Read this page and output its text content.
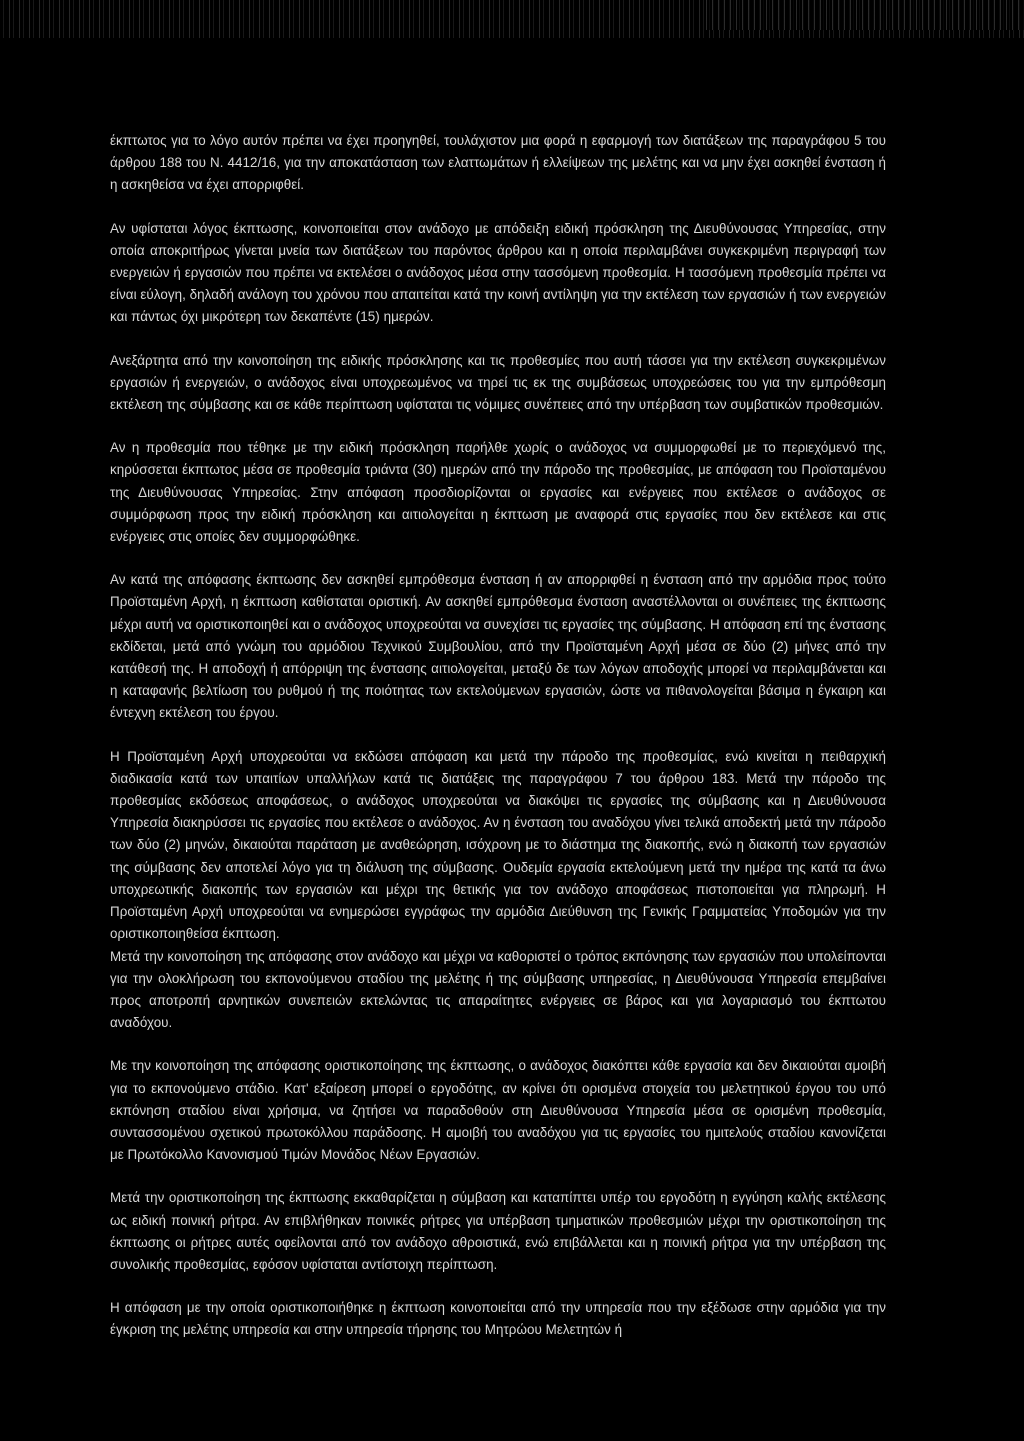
έκπτωτος για το λόγο αυτόν πρέπει να έχει προηγηθεί, τουλάχιστον μια φορά η εφαρμογή των διατάξεων της παραγράφου 5 του άρθρου 188 του Ν. 4412/16, για την αποκατάσταση των ελαττωμάτων ή ελλείψεων της μελέτης και να μην έχει ασκηθεί ένσταση ή η ασκηθείσα να έχει απορριφθεί.

Αν υφίσταται λόγος έκπτωσης, κοινοποιείται στον ανάδοχο με απόδειξη ειδική πρόσκληση της Διευθύνουσας Υπηρεσίας, στην οποία αποκριτήρως γίνεται μνεία των διατάξεων του παρόντος άρθρου και η οποία περιλαμβάνει συγκεκριμένη περιγραφή των ενεργειών ή εργασιών που πρέπει να εκτελέσει ο ανάδοχος μέσα στην τασσόμενη προθεσμία. Η τασσόμενη προθεσμία πρέπει να είναι εύλογη, δηλαδή ανάλογη του χρόνου που απαιτείται κατά την κοινή αντίληψη για την εκτέλεση των εργασιών ή των ενεργειών και πάντως όχι μικρότερη των δεκαπέντε (15) ημερών.

Ανεξάρτητα από την κοινοποίηση της ειδικής πρόσκλησης και τις προθεσμίες που αυτή τάσσει για την εκτέλεση συγκεκριμένων εργασιών ή ενεργειών, ο ανάδοχος είναι υποχρεωμένος να τηρεί τις εκ της συμβάσεως υποχρεώσεις του για την εμπρόθεσμη εκτέλεση της σύμβασης και σε κάθε περίπτωση υφίσταται τις νόμιμες συνέπειες από την υπέρβαση των συμβατικών προθεσμιών.

Αν η προθεσμία που τέθηκε με την ειδική πρόσκληση παρήλθε χωρίς ο ανάδοχος να συμμορφωθεί με το περιεχόμενό της, κηρύσσεται έκπτωτος μέσα σε προθεσμία τριάντα (30) ημερών από την πάροδο της προθεσμίας, με απόφαση του Προϊσταμένου της Διευθύνουσας Υπηρεσίας. Στην απόφαση προσδιορίζονται οι εργασίες και ενέργειες που εκτέλεσε ο ανάδοχος σε συμμόρφωση προς την ειδική πρόσκληση και αιτιολογείται η έκπτωση με αναφορά στις εργασίες που δεν εκτέλεσε και στις ενέργειες στις οποίες δεν συμμορφώθηκε.

Αν κατά της απόφασης έκπτωσης δεν ασκηθεί εμπρόθεσμα ένσταση ή αν απορριφθεί η ένσταση από την αρμόδια προς τούτο Προϊσταμένη Αρχή, η έκπτωση καθίσταται οριστική. Αν ασκηθεί εμπρόθεσμα ένσταση αναστέλλονται οι συνέπειες της έκπτωσης μέχρι αυτή να οριστικοποιηθεί και ο ανάδοχος υποχρεούται να συνεχίσει τις εργασίες της σύμβασης. Η απόφαση επί της ένστασης εκδίδεται, μετά από γνώμη του αρμόδιου Τεχνικού Συμβουλίου, από την Προϊσταμένη Αρχή μέσα σε δύο (2) μήνες από την κατάθεσή της. Η αποδοχή ή απόρριψη της ένστασης αιτιολογείται, μεταξύ δε των λόγων αποδοχής μπορεί να περιλαμβάνεται και η καταφανής βελτίωση του ρυθμού ή της ποιότητας των εκτελούμενων εργασιών, ώστε να πιθανολογείται βάσιμα η έγκαιρη και έντεχνη εκτέλεση του έργου.

Η Προϊσταμένη Αρχή υποχρεούται να εκδώσει απόφαση και μετά την πάροδο της προθεσμίας, ενώ κινείται η πειθαρχική διαδικασία κατά των υπαιτίων υπαλλήλων κατά τις διατάξεις της παραγράφου 7 του άρθρου 183. Μετά την πάροδο της προθεσμίας εκδόσεως αποφάσεως, ο ανάδοχος υποχρεούται να διακόψει τις εργασίες της σύμβασης και η Διευθύνουσα Υπηρεσία διακηρύσσει τις εργασίες που εκτέλεσε ο ανάδοχος. Αν η ένσταση του αναδόχου γίνει τελικά αποδεκτή μετά την πάροδο των δύο (2) μηνών, δικαιούται παράταση με αναθεώρηση, ισόχρονη με το διάστημα της διακοπής, ενώ η διακοπή των εργασιών της σύμβασης δεν αποτελεί λόγο για τη διάλυση της σύμβασης. Ουδεμία εργασία εκτελούμενη μετά την ημέρα της κατά τα άνω υποχρεωτικής διακοπής των εργασιών και μέχρι της θετικής για τον ανάδοχο αποφάσεως πιστοποιείται για πληρωμή. Η Προϊσταμένη Αρχή υποχρεούται να ενημερώσει εγγράφως την αρμόδια Διεύθυνση της Γενικής Γραμματείας Υποδομών για την οριστικοποιηθείσα έκπτωση.

Μετά την κοινοποίηση της απόφασης στον ανάδοχο και μέχρι να καθοριστεί ο τρόπος εκπόνησης των εργασιών που υπολείπονται για την ολοκλήρωση του εκπονούμενου σταδίου της μελέτης ή της σύμβασης υπηρεσίας, η Διευθύνουσα Υπηρεσία επεμβαίνει προς αποτροπή αρνητικών συνεπειών εκτελώντας τις απαραίτητες ενέργειες σε βάρος και για λογαριασμό του έκπτωτου αναδόχου.

Με την κοινοποίηση της απόφασης οριστικοποίησης της έκπτωσης, ο ανάδοχος διακόπτει κάθε εργασία και δεν δικαιούται αμοιβή για το εκπονούμενο στάδιο. Κατ' εξαίρεση μπορεί ο εργοδότης, αν κρίνει ότι ορισμένα στοιχεία του μελετητικού έργου του υπό εκπόνηση σταδίου είναι χρήσιμα, να ζητήσει να παραδοθούν στη Διευθύνουσα Υπηρεσία μέσα σε ορισμένη προθεσμία, συντασσομένου σχετικού πρωτοκόλλου παράδοσης. Η αμοιβή του αναδόχου για τις εργασίες του ημιτελούς σταδίου κανονίζεται με Πρωτόκολλο Κανονισμού Τιμών Μονάδος Νέων Εργασιών.

Μετά την οριστικοποίηση της έκπτωσης εκκαθαρίζεται η σύμβαση και καταπίπτει υπέρ του εργοδότη η εγγύηση καλής εκτέλεσης ως ειδική ποινική ρήτρα. Αν επιβλήθηκαν ποινικές ρήτρες για υπέρβαση τμηματικών προθεσμιών μέχρι την οριστικοποίηση της έκπτωσης οι ρήτρες αυτές οφείλονται από τον ανάδοχο αθροιστικά, ενώ επιβάλλεται και η ποινική ρήτρα για την υπέρβαση της συνολικής προθεσμίας, εφόσον υφίσταται αντίστοιχη περίπτωση.

Η απόφαση με την οποία οριστικοποιήθηκε η έκπτωση κοινοποιείται από την υπηρεσία που την εξέδωσε στην αρμόδια για την έγκριση της μελέτης υπηρεσία και στην υπηρεσία τήρησης του Μητρώου Μελετητών ή
